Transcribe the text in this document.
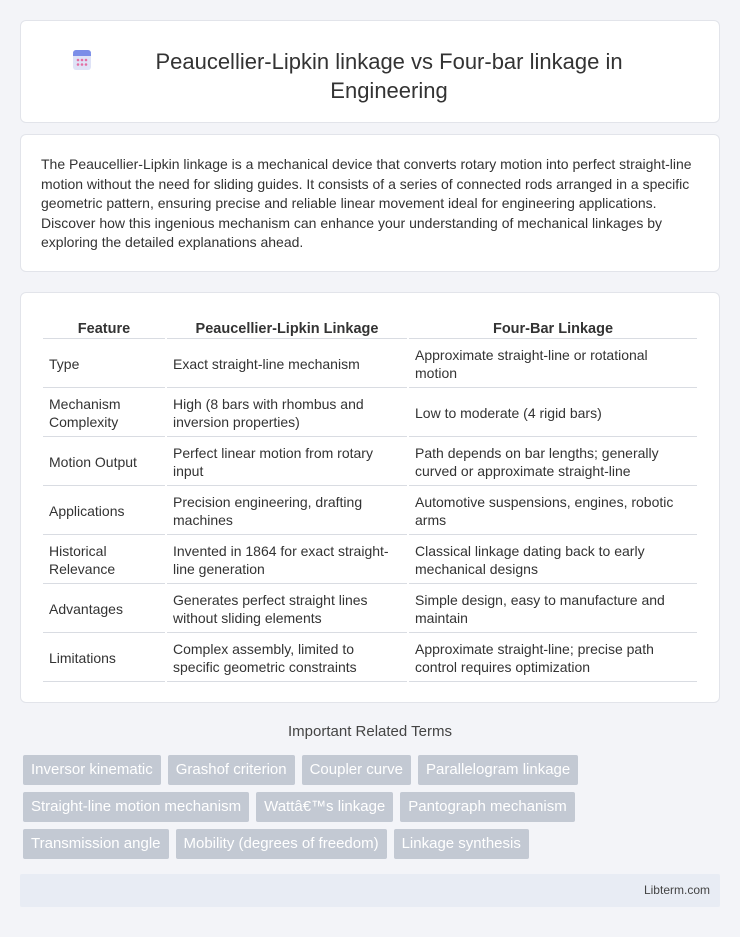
Peaucellier-Lipkin linkage vs Four-bar linkage in Engineering

The Peaucellier-Lipkin linkage is a mechanical device that converts rotary motion into perfect straight-line motion without the need for sliding guides. It consists of a series of connected rods arranged in a specific geometric pattern, ensuring precise and reliable linear movement ideal for engineering applications. Discover how this ingenious mechanism can enhance your understanding of mechanical linkages by exploring the detailed explanations ahead.

Feature	Peaucellier-Lipkin Linkage	Four-Bar Linkage
Type	Exact straight-line mechanism	Approximate straight-line or rotational motion
Mechanism Complexity	High (8 bars with rhombus and inversion properties)	Low to moderate (4 rigid bars)
Motion Output	Perfect linear motion from rotary input	Path depends on bar lengths; generally curved or approximate straight-line
Applications	Precision engineering, drafting machines	Automotive suspensions, engines, robotic arms
Historical Relevance	Invented in 1864 for exact straight-line generation	Classical linkage dating back to early mechanical designs
Advantages	Generates perfect straight lines without sliding elements	Simple design, easy to manufacture and maintain
Limitations	Complex assembly, limited to specific geometric constraints	Approximate straight-line; precise path control requires optimization
Important Related Terms
Inversor kinematic	Grashof criterion	Coupler curve	Parallelogram linkage
Straight-line motion mechanism	Wattâ€™s linkage	Pantograph mechanism
Transmission angle	Mobility (degrees of freedom)	Linkage synthesis
Libterm.com
